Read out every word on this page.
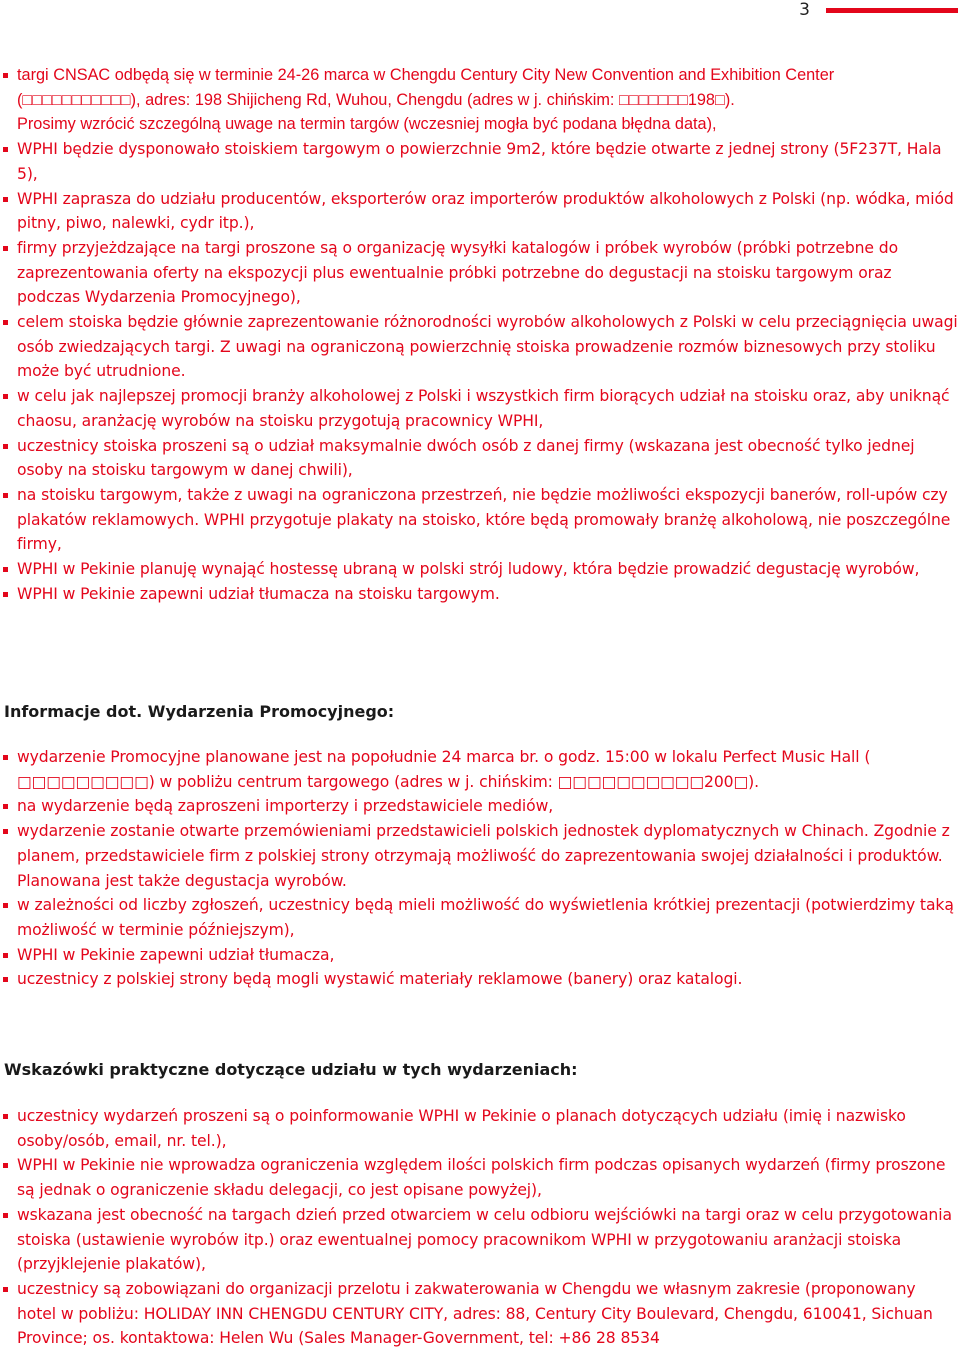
3
targi CNSAC odbędą się w terminie 24-26 marca w Chengdu Century City New Convention and Exhibition Center (□□□□□□□□□□□), adres: 198 Shijicheng Rd, Wuhou, Chengdu (adres w j. chińskim: □□□□□□□198□).
Prosimy wzrócić szczególną uwage na termin targów (wczesniej mogła być podana błędna data),
WPHI będzie dysponowało stoiskiem targowym o powierzchnie 9m2, które będzie otwarte z jednej strony (5F237T, Hala 5),
WPHI zaprasza do udziału producentów, eksporterów oraz importerów produktów alkoholowych z Polski (np. wódka, miód pitny, piwo, nalewki, cydr itp.),
firmy przyjeżdzające na targi proszone są o organizację wysyłki katalogów i próbek wyrobów (próbki potrzebne do zaprezentowania oferty na ekspozycji plus ewentualnie próbki potrzebne do degustacji na stoisku targowym oraz podczas Wydarzenia Promocyjnego),
celem stoiska będzie głównie zaprezentowanie różnorodności wyrobów alkoholowych z Polski w celu przeciągnięcia uwagi osób zwiedzających targi. Z uwagi na ograniczoną powierzchnię stoiska prowadzenie rozmów biznesowych przy stoliku może być utrudnione.
w celu jak najlepszej promocji branży alkoholowej z Polski i wszystkich firm biorących udział na stoisku oraz, aby uniknąć chaosu, aranżację wyrobów na stoisku przygotują pracownicy WPHI,
uczestnicy stoiska proszeni są o udział maksymalnie dwóch osób z danej firmy (wskazana jest obecność tylko jednej osoby na stoisku targowym w danej chwili),
na stoisku targowym, także z uwagi na ograniczona przestrzeń, nie będzie możliwości ekspozycji banerów, roll-upów czy plakatów reklamowych. WPHI przygotuje plakaty na stoisko, które będą promowały branżę alkoholową, nie poszczególne firmy,
WPHI w Pekinie planuję wynająć hostessę ubraną w polski strój ludowy, która będzie prowadzić degustację wyrobów,
WPHI w Pekinie zapewni udział tłumacza na stoisku targowym.
Informacje dot. Wydarzenia Promocyjnego:
wydarzenie Promocyjne planowane jest na popołudnie 24 marca br. o godz. 15:00 w lokalu Perfect Music Hall ( □□□□□□□□□) w pobliżu centrum targowego (adres w j. chińskim: □□□□□□□□□□200□).
na wydarzenie będą zaproszeni importerzy i przedstawiciele mediów,
wydarzenie zostanie otwarte przemówieniami przedstawicieli polskich jednostek dyplomatycznych w Chinach. Zgodnie z planem, przedstawiciele firm z polskiej strony otrzymają możliwość do zaprezentowania swojej działalności i produktów. Planowana jest także degustacja wyrobów.
w zależności od liczby zgłoszeń, uczestnicy będą mieli możliwość do wyświetlenia krótkiej prezentacji (potwierdzimy taką możliwość w terminie późniejszym),
WPHI w Pekinie zapewni udział tłumacza,
uczestnicy z polskiej strony będą mogli wystawić materiały reklamowe (banery) oraz katalogi.
Wskazówki praktyczne dotyczące udziału w tych wydarzeniach:
uczestnicy wydarzeń proszeni są o poinformowanie WPHI w Pekinie o planach dotyczących udziału (imię i nazwisko osoby/osób, email, nr. tel.),
WPHI w Pekinie nie wprowadza ograniczenia względem ilości polskich firm podczas opisanych wydarzeń (firmy proszone są jednak o ograniczenie składu delegacji, co jest opisane powyżej),
wskazana jest obecność na targach dzień przed otwarciem w celu odbioru wejściówki na targi oraz w celu przygotowania stoiska (ustawienie wyrobów itp.) oraz ewentualnej pomocy pracownikom WPHI w przygotowaniu aranżacji stoiska (przyjklejenie plakatów),
uczestnicy są zobowiązani do organizacji przelotu i zakwaterowania w Chengdu we własnym zakresie (proponowany hotel w pobliżu: HOLIDAY INN CHENGDU CENTURY CITY, adres: 88, Century City Boulevard, Chengdu, 610041, Sichuan Province; os. kontaktowa: Helen Wu (Sales Manager-Government, tel: +86 28 8534
